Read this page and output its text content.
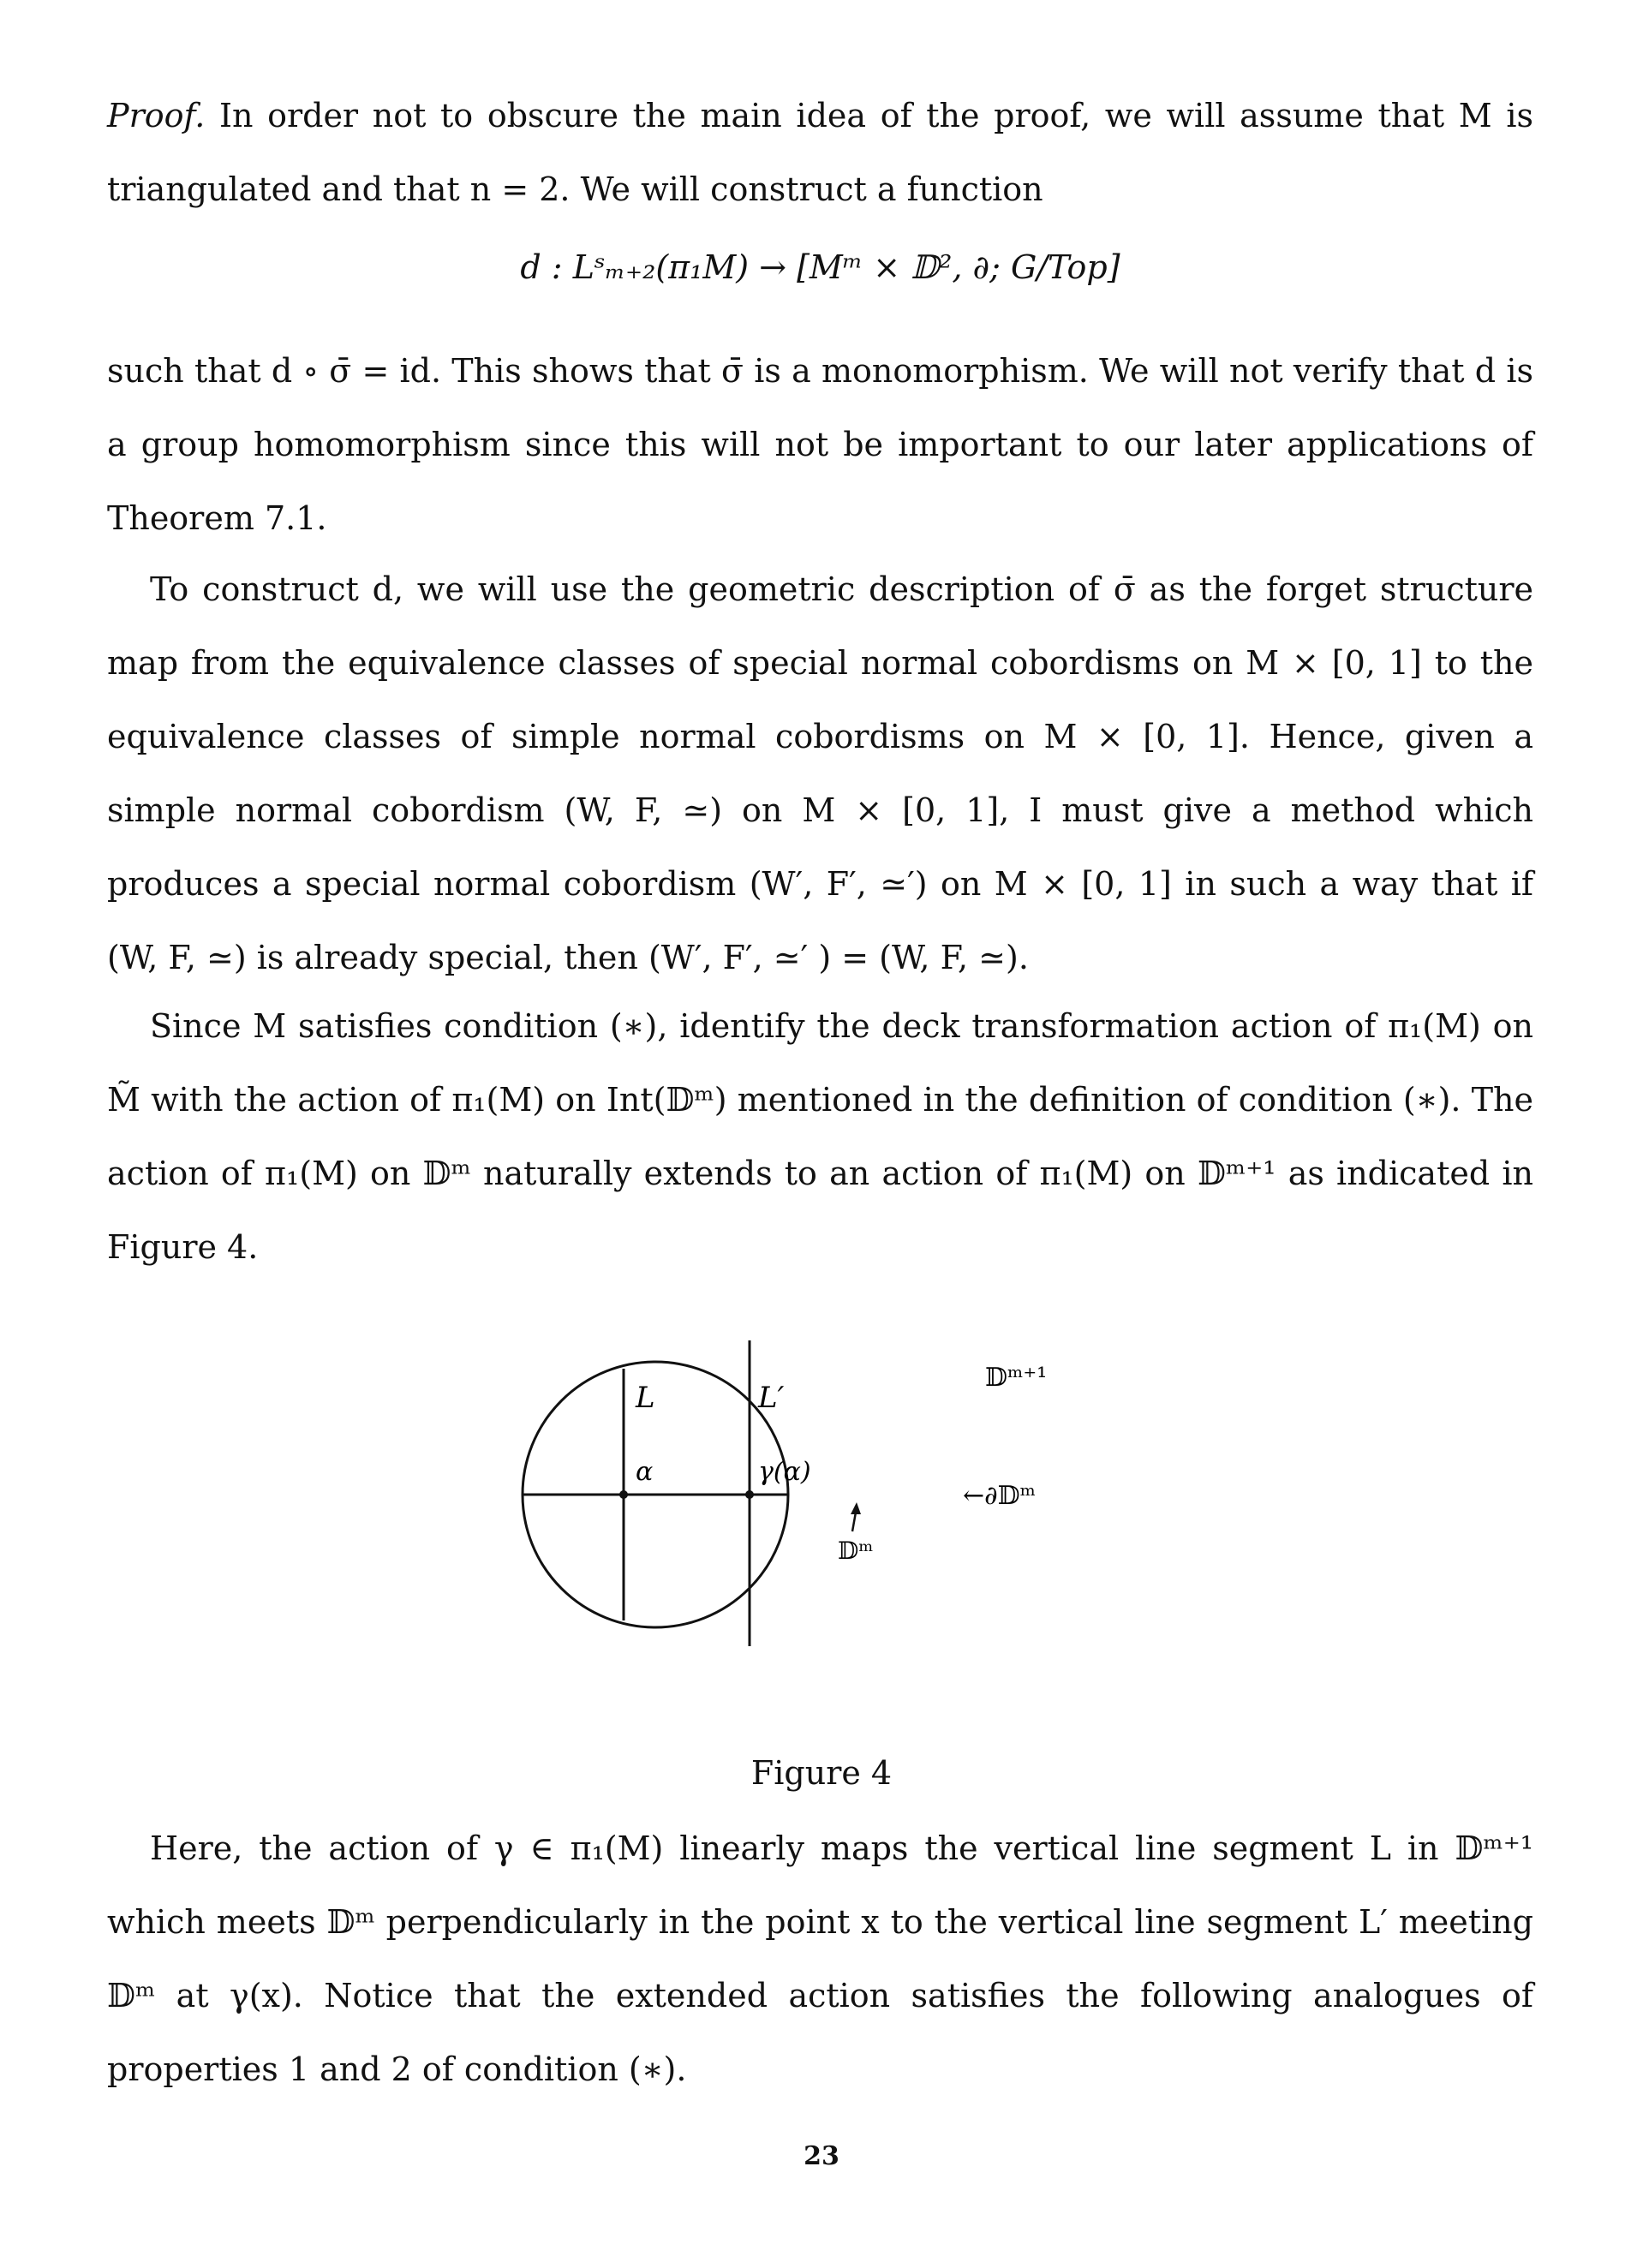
Proof. In order not to obscure the main idea of the proof, we will assume that M is triangulated and that n = 2. We will construct a function

d : Lˢₘ₊₂(π₁M) → [Mᵐ × 𝔻², ∂; G/Top]

such that d ∘ σ̄ = id. This shows that σ̄ is a monomorphism. We will not verify that d is a group homomorphism since this will not be important to our later applications of Theorem 7.1.

To construct d, we will use the geometric description of σ̄ as the forget structure map from the equivalence classes of special normal cobordisms on M × [0, 1] to the equivalence classes of simple normal cobordisms on M × [0, 1]. Hence, given a simple normal cobordism (W, F, ≃) on M × [0, 1], I must give a method which produces a special normal cobordism (W′, F′, ≃′) on M × [0, 1] in such a way that if (W, F, ≃) is already special, then (W′, F′, ≃′ ) = (W, F, ≃).

Since M satisfies condition (∗), identify the deck transformation action of π₁(M) on M̃ with the action of π₁(M) on Int(𝔻ᵐ) mentioned in the definition of condition (∗). The action of π₁(M) on 𝔻ᵐ naturally extends to an action of π₁(M) on 𝔻ᵐ⁺¹ as indicated in Figure 4.

L	L′
α	γ(α)
𝔻ᵐ⁺¹
←∂𝔻ᵐ
𝔻ᵐ

Figure 4

Here, the action of γ ∈ π₁(M) linearly maps the vertical line segment L in 𝔻ᵐ⁺¹ which meets 𝔻ᵐ perpendicularly in the point x to the vertical line segment L′ meeting 𝔻ᵐ at γ(x). Notice that the extended action satisfies the following analogues of properties 1 and 2 of condition (∗).

23
